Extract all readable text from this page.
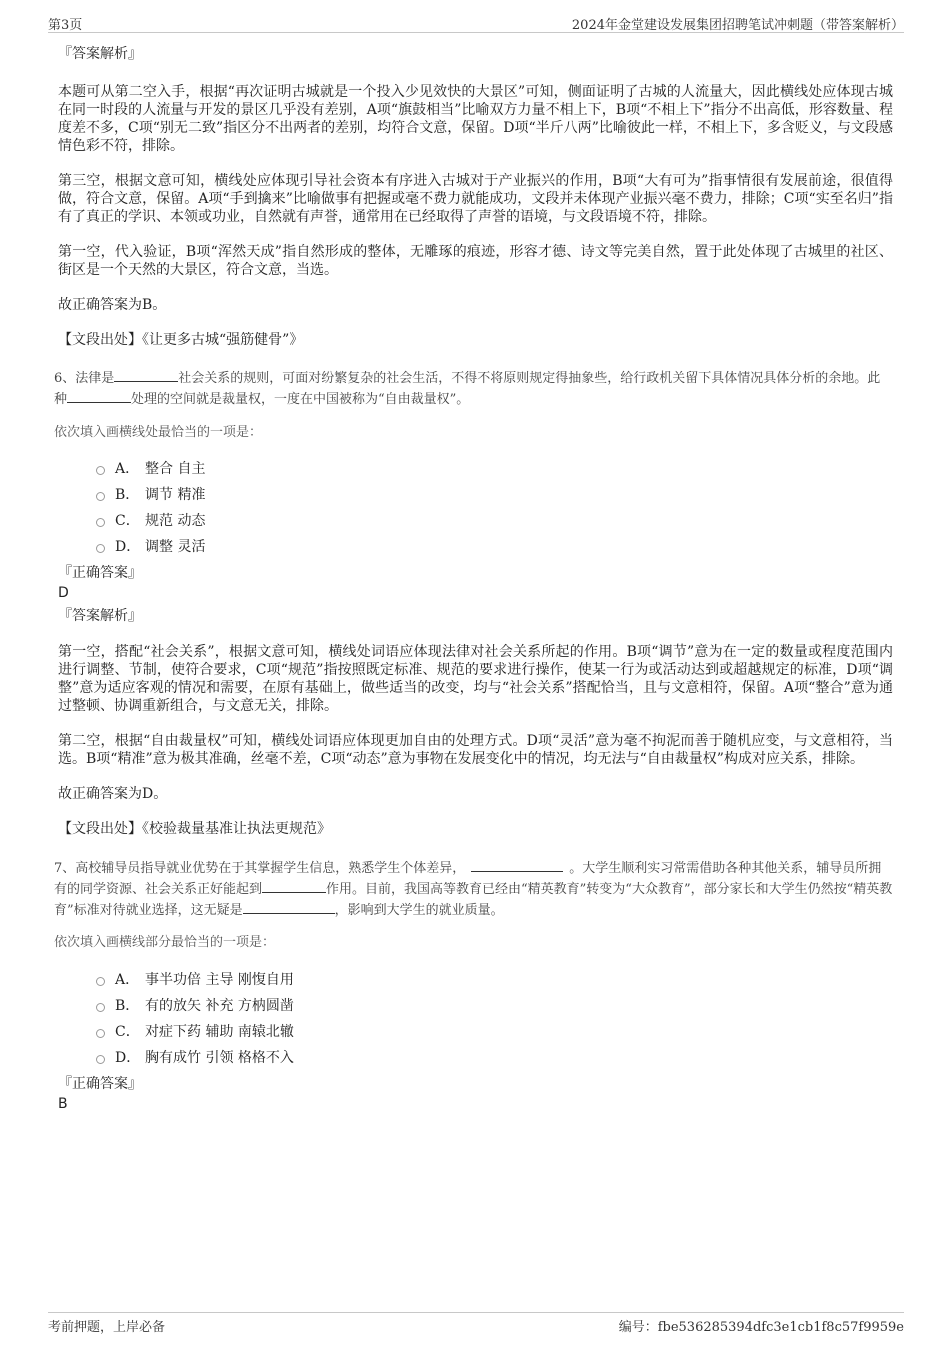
第3页	2024年金堂建设发展集团招聘笔试冲刺题（带答案解析）

『答案解析』

本题可从第二空入手，根据“再次证明古城就是一个投入少见效快的大景区”可知，侧面证明了古城的人流量大，因此横线处应体现古城在同一时段的人流量与开发的景区几乎没有差别，A项“旗鼓相当”比喻双方力量不相上下，B项“不相上下”指分不出高低，形容数量、程度差不多，C项“别无二致”指区分不出两者的差别，均符合文意，保留。D项“半斤八两”比喻彼此一样，不相上下，多含贬义，与文段感情色彩不符，排除。

第三空，根据文意可知，横线处应体现引导社会资本有序进入古城对于产业振兴的作用，B项“大有可为”指事情很有发展前途，很值得做，符合文意，保留。A项“手到擒来”比喻做事有把握或毫不费力就能成功，文段并未体现产业振兴毫不费力，排除；C项“实至名归”指有了真正的学识、本领或功业，自然就有声誉，通常用在已经取得了声誉的语境，与文段语境不符，排除。

第一空，代入验证，B项“浑然天成”指自然形成的整体，无雕琢的痕迹，形容才德、诗文等完美自然，置于此处体现了古城里的社区、街区是一个天然的大景区，符合文意，当选。

故正确答案为B。

【文段出处】《让更多古城“强筋健骨”》

6、法律是	社会关系的规则，可面对纷繁复杂的社会生活，不得不将原则规定得抽象些，给行政机关留下具体情况具体分析的余地。此种	处理的空间就是裁量权，一度在中国被称为“自由裁量权”。

依次填入画横线处最恰当的一项是：

A． 整合 自主
B． 调节 精准
C． 规范 动态
D． 调整 灵活

『正确答案』

D

『答案解析』

第一空，搭配“社会关系”，根据文意可知，横线处词语应体现法律对社会关系所起的作用。B项“调节”意为在一定的数量或程度范围内进行调整、节制，使符合要求，C项“规范”指按照既定标准、规范的要求进行操作，使某一行为或活动达到或超越规定的标准，D项“调整”意为适应客观的情况和需要，在原有基础上，做些适当的改变，均与“社会关系”搭配恰当，且与文意相符，保留。A项“整合”意为通过整顿、协调重新组合，与文意无关，排除。

第二空，根据“自由裁量权”可知，横线处词语应体现更加自由的处理方式。D项“灵活”意为毫不拘泥而善于随机应变，与文意相符，当选。B项“精准”意为极其准确，丝毫不差，C项“动态”意为事物在发展变化中的情况，均无法与“自由裁量权”构成对应关系，排除。

故正确答案为D。

【文段出处】《校验裁量基准让执法更规范》

7、高校辅导员指导就业优势在于其掌握学生信息，熟悉学生个体差异，	。大学生顺利实习常需借助各种其他关系，辅导员所拥有的同学资源、社会关系正好能起到	作用。目前，我国高等教育已经由“精英教育”转变为“大众教育”，部分家长和大学生仍然按“精英教育”标准对待就业选择，这无疑是	，影响到大学生的就业质量。

依次填入画横线部分最恰当的一项是：

A． 事半功倍 主导 刚愎自用
B． 有的放矢 补充 方枘圆凿
C． 对症下药 辅助 南辕北辙
D． 胸有成竹 引领 格格不入

『正确答案』

B

考前押题，上岸必备	编号：fbe536285394dfc3e1cb1f8c57f9959e
